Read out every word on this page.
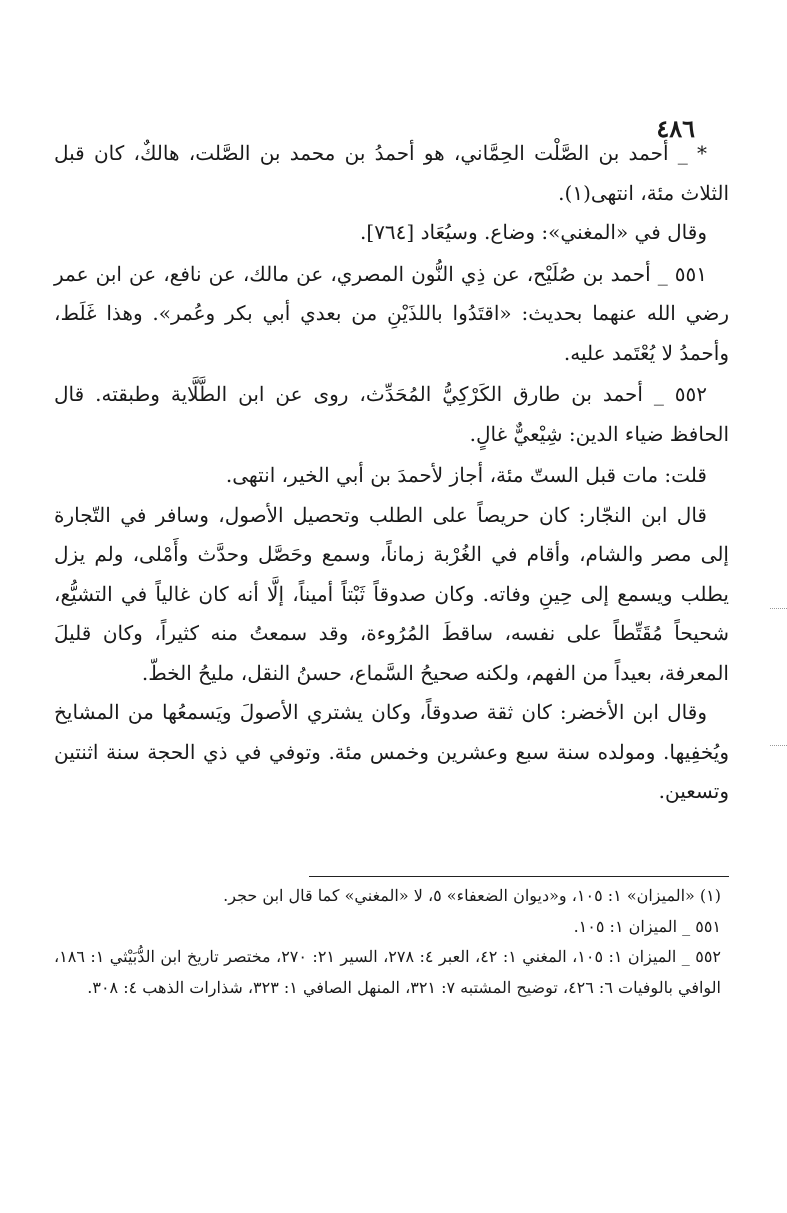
٤٨٦

* _ أحمد بن الصَّلْت الحِمَّاني، هو أحمدُ بن محمد بن الصَّلت، هالكٌ، كان قبل الثلاث مئة، انتهى(١).

وقال في «المغني»: وضاع. وسيُعَاد [٧٦٤].

٥٥١ _ أحمد بن صُلَيْح، عن ذِي النُّون المصري، عن مالك، عن نافع، عن ابن عمر رضي الله عنهما بحديث: «اقتَدُوا باللذَيْنِ من بعدي أبي بكر وعُمر». وهذا غَلَط، وأحمدُ لا يُعْتَمد عليه.

٥٥٢ _ أحمد بن طارق الكَرْكِيُّ المُحَدِّث، روى عن ابن الطَّلَّاية وطبقته. قال الحافظ ضياء الدين: شِيْعيٌّ غالٍ.

قلت: مات قبل الستّ مئة، أجاز لأحمدَ بن أبي الخير، انتهى.

قال ابن النجّار: كان حريصاً على الطلب وتحصيل الأصول، وسافر في التّجارة إلى مصر والشام، وأقام في الغُرْبة زماناً، وسمع وحَصَّل وحدَّث وأَمْلى، ولم يزل يطلب ويسمع إلى حِينِ وفاته. وكان صدوقاً ثَبْتاً أميناً، إلَّا أنه كان غالياً في التشيُّع، شحيحاً مُقَتِّطاً على نفسه، ساقطَ المُرُوءة، وقد سمعتُ منه كثيراً، وكان قليلَ المعرفة، بعيداً من الفهم، ولكنه صحيحُ السَّماع، حسنُ النقل، مليحُ الخطّ.

وقال ابن الأخضر: كان ثقة صدوقاً، وكان يشتري الأصولَ ويَسمعُها من المشايخ ويُخفِيها. ومولده سنة سبع وعشرين وخمس مئة. وتوفي في ذي الحجة سنة اثنتين وتسعين.

(١) «الميزان» ١: ١٠٥، و«ديوان الضعفاء» ٥، لا «المغني» كما قال ابن حجر.

٥٥١ _ الميزان ١: ١٠٥.

٥٥٢ _ الميزان ١: ١٠٥، المغني ١: ٤٢، العبر ٤: ٢٧٨، السير ٢١: ٢٧٠، مختصر تاريخ ابن الدُّبَيْثي ١: ١٨٦، الوافي بالوفيات ٦: ٤٢٦، توضيح المشتبه ٧: ٣٢١، المنهل الصافي ١: ٣٢٣، شذارات الذهب ٤: ٣٠٨.
